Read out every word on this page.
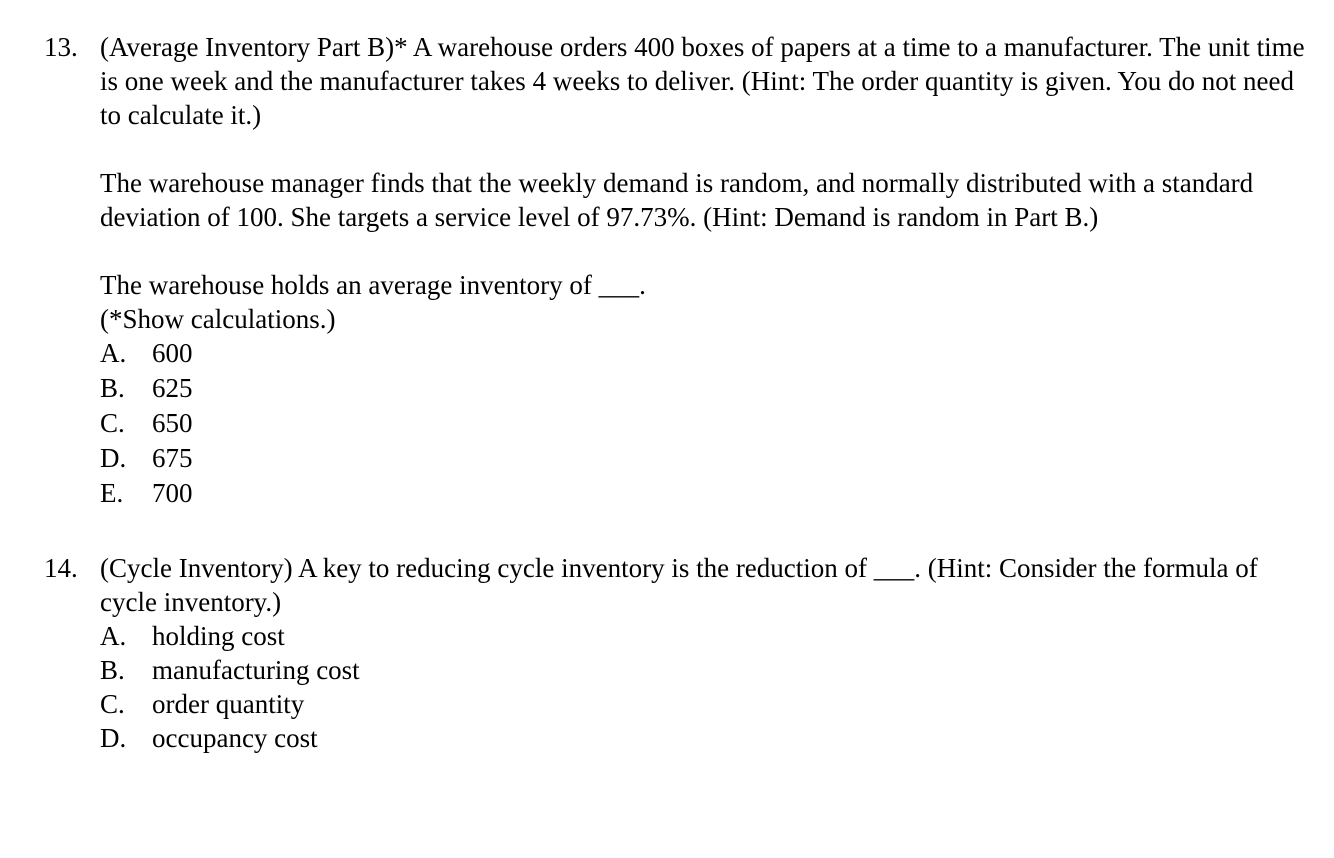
13. (Average Inventory Part B)* A warehouse orders 400 boxes of papers at a time to a manufacturer. The unit time is one week and the manufacturer takes 4 weeks to deliver. (Hint: The order quantity is given. You do not need to calculate it.)

The warehouse manager finds that the weekly demand is random, and normally distributed with a standard deviation of 100. She targets a service level of 97.73%. (Hint: Demand is random in Part B.)

The warehouse holds an average inventory of ___.
(*Show calculations.)
A. 600
B. 625
C. 650
D. 675
E. 700
14. (Cycle Inventory) A key to reducing cycle inventory is the reduction of ___. (Hint: Consider the formula of cycle inventory.)

A. holding cost
B. manufacturing cost
C. order quantity
D. occupancy cost
